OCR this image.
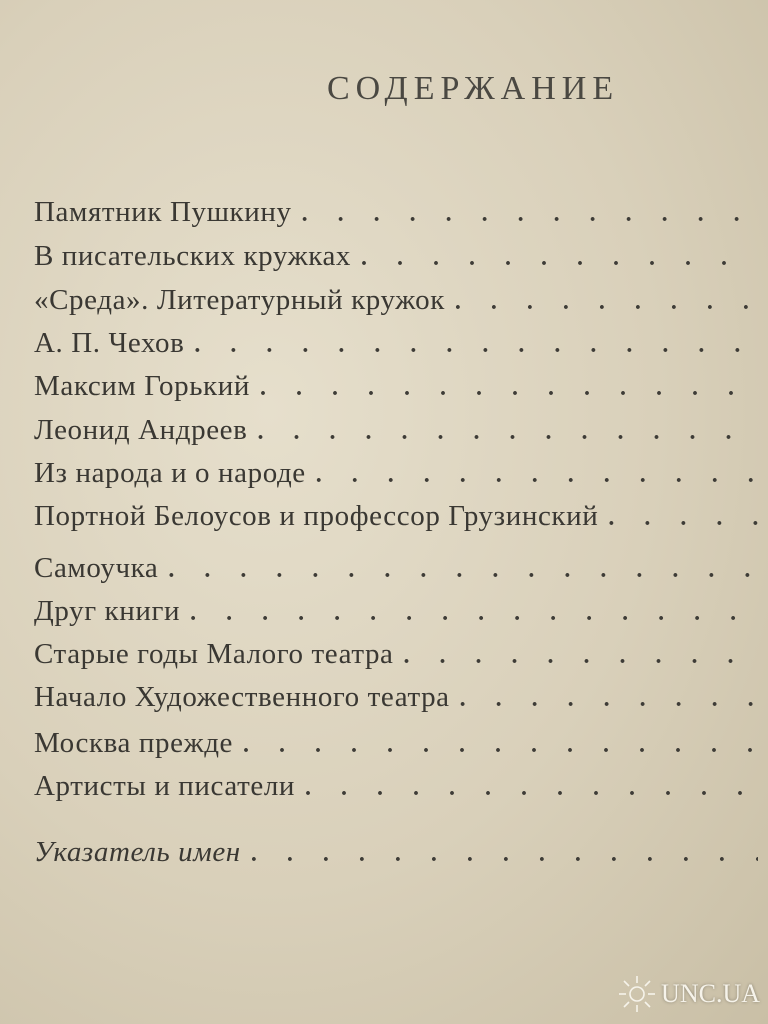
СОДЕРЖАНИЕ
Памятник Пушкину
. . .
В писательских кружках
. . .
«Среда». Литературный кружок
. . .
А. П. Чехов
. . .
Максим Горький
. . .
Леонид Андреев
. . .
Из народа и о народе
. . .
Портной Белоусов и профессор Грузинский
. . .
Самоучка
. . .
Друг книги
. . .
Старые годы Малого театра
. . .
Начало Художественного театра
. . .
Москва прежде
. . .
Артисты и писатели
. . .
Указатель имен
. . .
UNC.UA
